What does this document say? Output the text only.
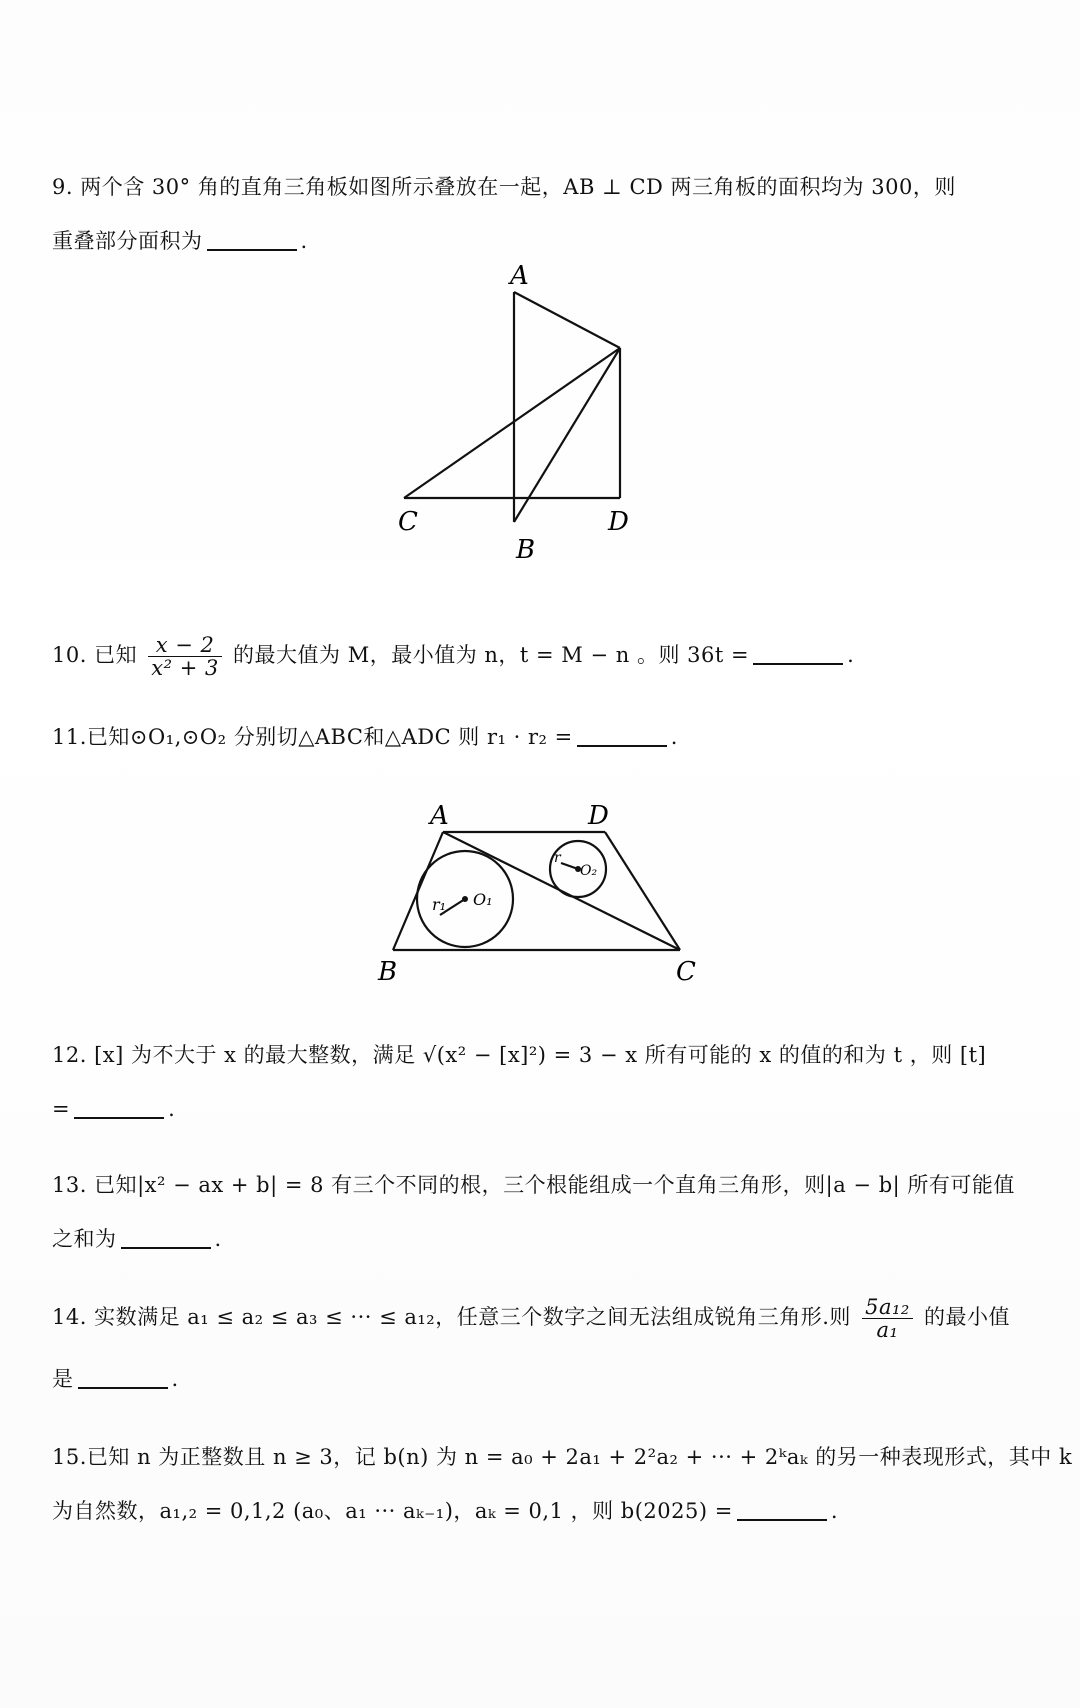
9. 两个含 30° 角的直角三角板如图所示叠放在一起，AB ⊥ CD 两三角板的面积均为 300，则
重叠部分面积为	.
A
C	D
B
10. 已知 $\frac{x - 2}{\text{x² + 3}}$ 的最大值为 M，最小值为 n，t = M − n 。则 36t =	.
11.已知⊙O₁,⊙O₂ 分别切△ABC和△ADC 则 r₁ · r₂ =	.
A	D
B	C
r₁ O₁
r
O₂
12. [x] 为不大于 x 的最大整数，满足 √(x² − [x]²) = 3 − x 所有可能的 x 的值的和为 t ，则 [t]
=	.
13. 已知|x² − ax + b| = 8 有三个不同的根，三个根能组成一个直角三角形，则|a − b| 所有可能值
之和为	.
14. 实数满足 a₁ ≤ a₂ ≤ a₃ ≤ ··· ≤ a₁₂，任意三个数字之间无法组成锐角三角形.则 $\frac{\text{5a₁₂}}{\text{a₁}}$ 的最小值
是	.
15.已知 n 为正整数且 n ≥ 3，记 b(n) 为 n = a₀ + 2a₁ + 2²a₂ + ··· + 2ᵏaₖ 的另一种表现形式，其中 k
为自然数，a₁,₂ = 0,1,2 (a₀、a₁ ··· aₖ₋₁)，aₖ = 0,1 ，则 b(2025) =	.
